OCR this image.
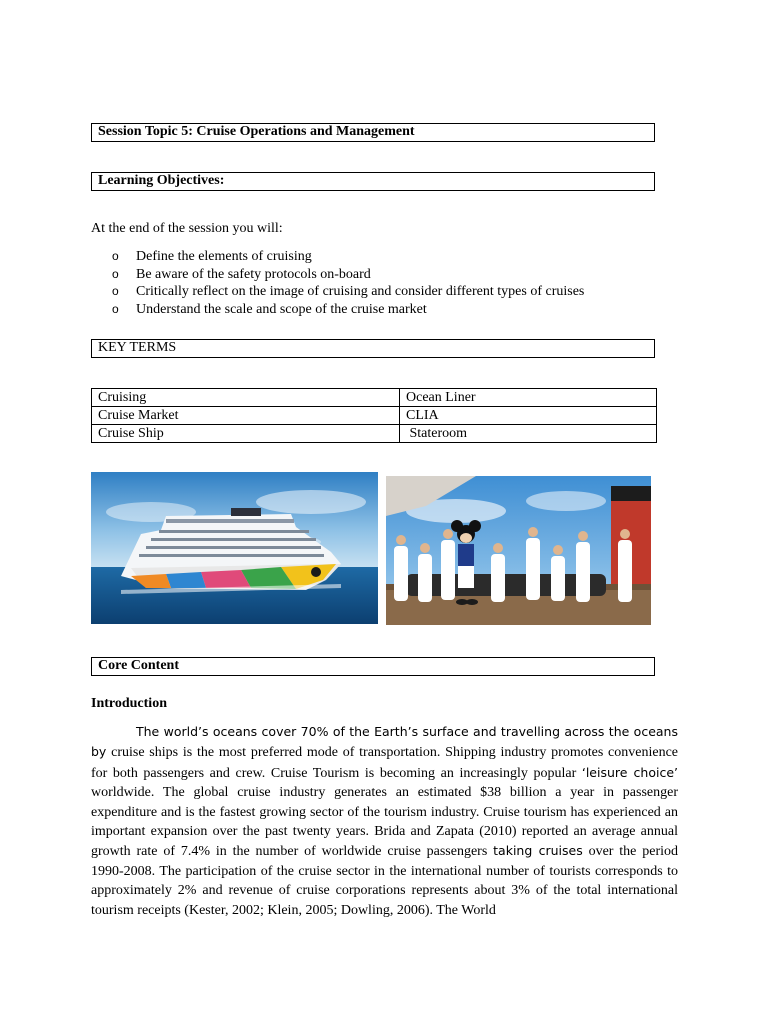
Session Topic 5: Cruise Operations and Management
Learning Objectives:
At the end of the session you will:
o Define the elements of cruising
o Be aware of the safety protocols on-board
o Critically reflect on the image of cruising and consider different types of cruises
o Understand the scale and scope of the cruise market
KEY TERMS
Cruising	Ocean Liner
Cruise Market	CLIA
Cruise Ship	Stateroom
Core Content
Introduction

The world’s oceans cover 70% of the Earth’s surface and travelling across the oceans by cruise ships is the most preferred mode of transportation. Shipping industry promotes convenience for both passengers and crew. Cruise Tourism is becoming an increasingly popular ‘leisure choice’ worldwide. The global cruise industry generates an estimated $38 billion a year in passenger expenditure and is the fastest growing sector of the tourism industry. Cruise tourism has experienced an important expansion over the past twenty years. Brida and Zapata (2010) reported an average annual growth rate of 7.4% in the number of worldwide cruise passengers taking cruises over the period 1990-2008. The participation of the cruise sector in the international number of tourists corresponds to approximately 2% and revenue of cruise corporations represents about 3% of the total international tourism receipts (Kester, 2002; Klein, 2005; Dowling, 2006). The World
